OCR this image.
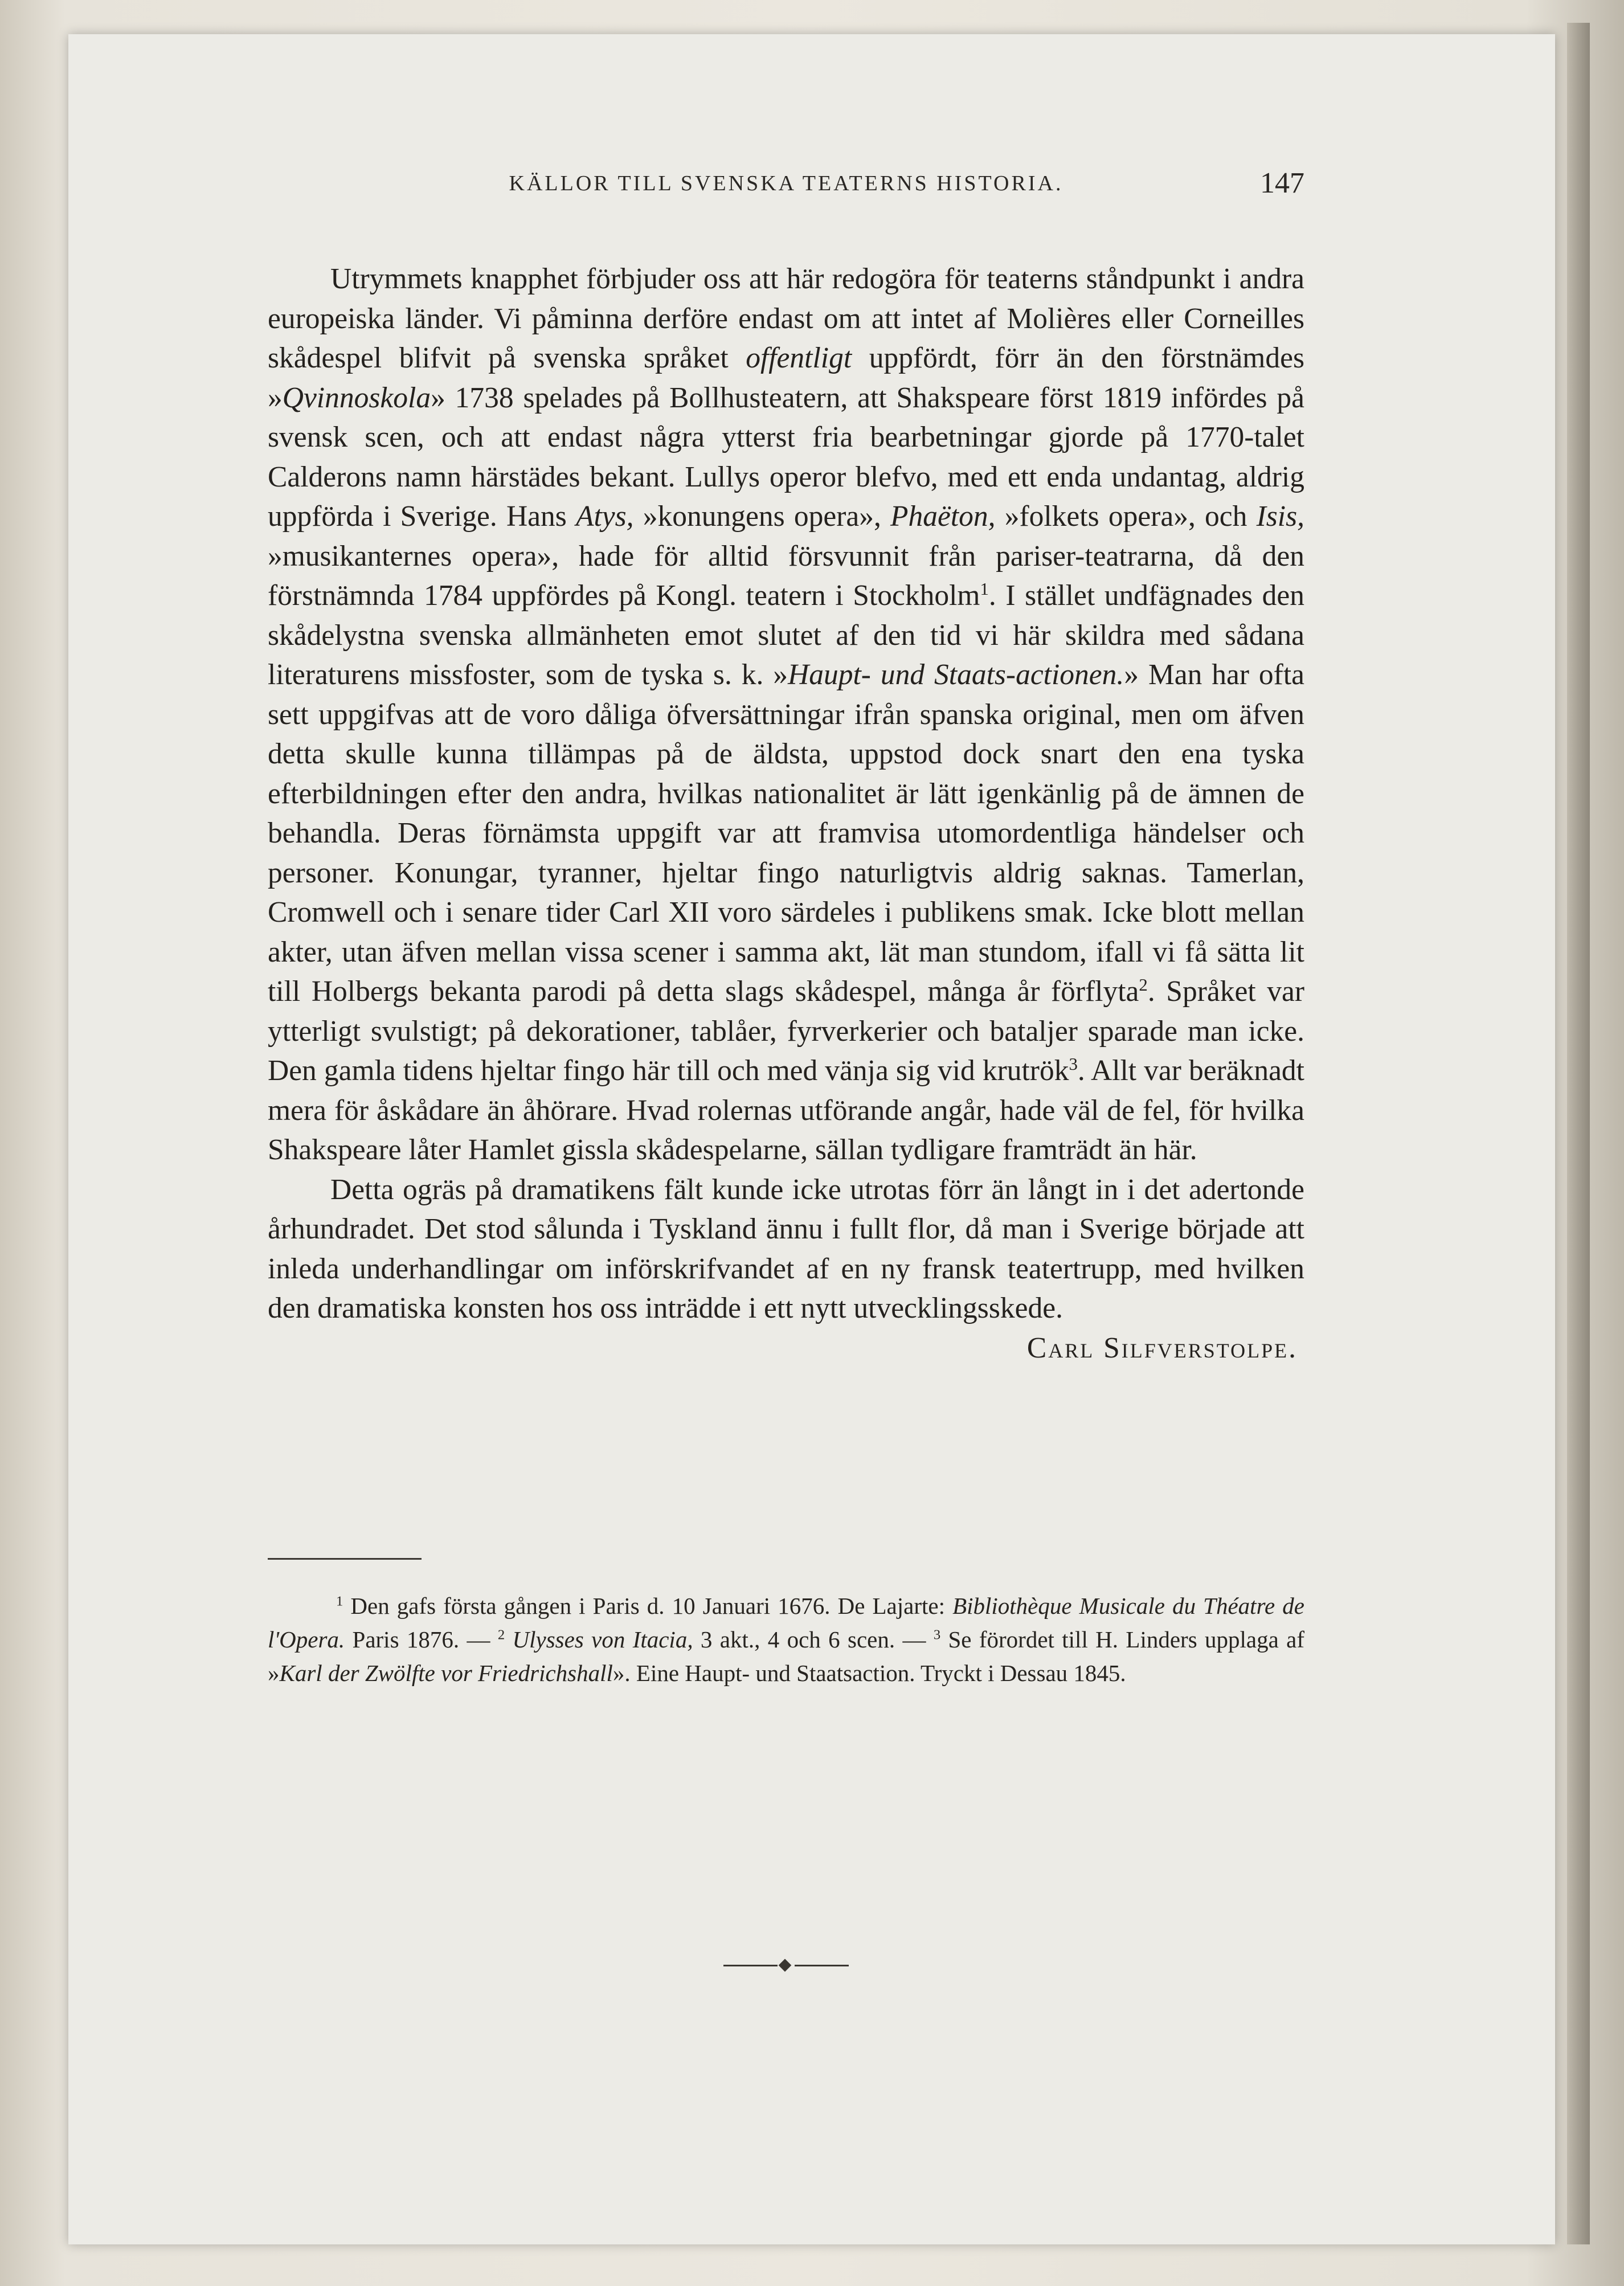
KÄLLOR TILL SVENSKA TEATERNS HISTORIA.	147

Utrymmets knapphet förbjuder oss att här redogöra för teaterns ståndpunkt i andra europeiska länder. Vi påminna derföre endast om att intet af Molières eller Corneilles skådespel blifvit på svenska språket offentligt uppfördt, förr än den förstnämdes »Qvinnoskola» 1738 spelades på Bollhusteatern, att Shakspeare först 1819 infördes på svensk scen, och att endast några ytterst fria bearbetningar gjorde på 1770-talet Calderons namn härstädes bekant. Lullys operor blefvo, med ett enda undantag, aldrig uppförda i Sverige. Hans Atys, »konungens opera», Phaëton, »folkets opera», och Isis, »musikanternes opera», hade för alltid försvunnit från pariser-teatrarna, då den förstnämnda 1784 uppfördes på Kongl. teatern i Stockholm$^1$. I stället undfägnades den skådelystna svenska allmänheten emot slutet af den tid vi här skildra med sådana literaturens missfoster, som de tyska s. k. »Haupt- und Staats-actionen.» Man har ofta sett uppgifvas att de voro dåliga öfversättningar ifrån spanska original, men om äfven detta skulle kunna tillämpas på de äldsta, uppstod dock snart den ena tyska efterbildningen efter den andra, hvilkas nationalitet är lätt igenkänlig på de ämnen de behandla. Deras förnämsta uppgift var att framvisa utomordentliga händelser och personer. Konungar, tyranner, hjeltar fingo naturligtvis aldrig saknas. Tamerlan, Cromwell och i senare tider Carl XII voro särdeles i publikens smak. Icke blott mellan akter, utan äfven mellan vissa scener i samma akt, lät man stundom, ifall vi få sätta lit till Holbergs bekanta parodi på detta slags skådespel, många år förflyta$^2$. Språket var ytterligt svulstigt; på dekorationer, tablåer, fyrverkerier och bataljer sparade man icke. Den gamla tidens hjeltar fingo här till och med vänja sig vid krutrök$^3$. Allt var beräknadt mera för åskådare än åhörare. Hvad rolernas utförande angår, hade väl de fel, för hvilka Shakspeare låter Hamlet gissla skådespelarne, sällan tydligare framträdt än här.

Detta ogräs på dramatikens fält kunde icke utrotas förr än långt in i det adertonde århundradet. Det stod sålunda i Tyskland ännu i fullt flor, då man i Sverige började att inleda underhandlingar om införskrifvandet af en ny fransk teatertrupp, med hvilken den dramatiska konsten hos oss inträdde i ett nytt utvecklingsskede.

Carl Silfverstolpe.

$^1$ Den gafs första gången i Paris d. 10 Januari 1676. De Lajarte: Bibliothèque Musicale du Théatre de l'Opera. Paris 1876. — $^2$ Ulysses von Itacia, 3 akt., 4 och 6 scen. — $^3$ Se förordet till H. Linders upplaga af »Karl der Zwölfte vor Friedrichshall». Eine Haupt- und Staatsaction. Tryckt i Dessau 1845.
